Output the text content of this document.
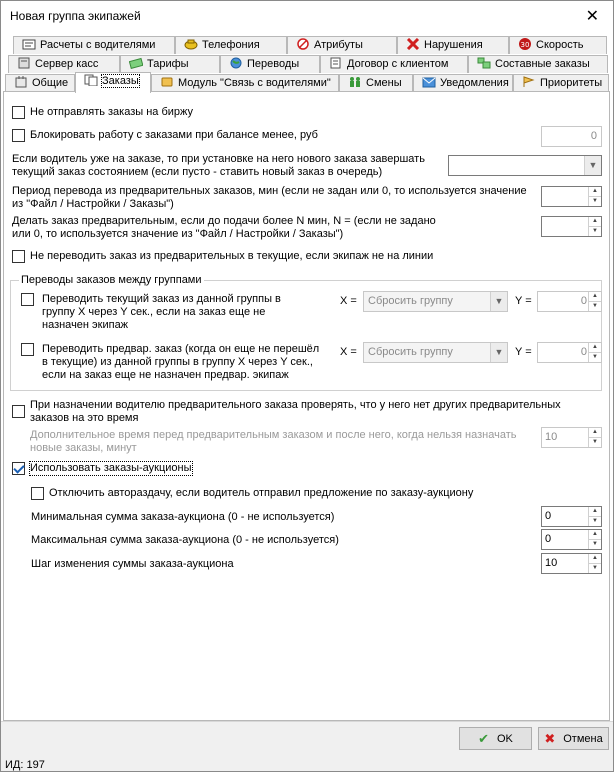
Новая группа экипажей	✕
Расчеты с водителями	Телефония	Атрибуты	Нарушения	30 Скорость
Сервер касс	Тарифы	Переводы	Договор с клиентом	Составные заказы
Общие	Заказы	Модуль "Связь с водителями"	Смены	Уведомления	Приоритеты
Не отправлять заказы на биржу
Блокировать работу с заказами при балансе менее, руб	0
Если водитель уже на заказе, то при установке на него нового заказа завершать текущий заказ состоянием (если пусто - ставить новый заказ в очередь)
▼
Период перевода из предварительных заказов, мин (если не задан или 0, то используется значение из "Файл / Настройки / Заказы")
▲
▼
Делать заказ предварительным, если до подачи более N мин, N = (если не задано или 0, то используется значение из "Файл / Настройки / Заказы")
▲
▼
Не переводить заказ из предварительных в текущие, если экипаж не на линии
Переводы заказов между группами
Переводить текущий заказ из данной группы в группу X через Y сек., если на заказ еще не назначен экипаж
X = Сбросить группу	▼	Y =	0 ▲
▼
Переводить предвар. заказ (когда он еще не перешёл в текущие) из данной группы в группу X через Y сек., если на заказ еще не назначен предвар. экипаж
X = Сбросить группу	▼	Y =	0 ▲
▼
При назначении водителю предварительного заказа проверять, что у него нет других предварительных заказов на это время
Дополнительное время перед предварительным заказом и после него, когда нельзя назначать новые заказы, минут
10	▲
▼
Использовать заказы-аукционы
Отключить автораздачу, если водитель отправил предложение по заказу-аукциону
Минимальная сумма заказа-аукциона (0 - не используется)	0	▲
▼
Максимальная сумма заказа-аукциона (0 - не используется)	0	▲
▼
Шаг изменения суммы заказа-аукциона	10	▲
▼
✔ OK	✖ Отмена
ИД: 197
